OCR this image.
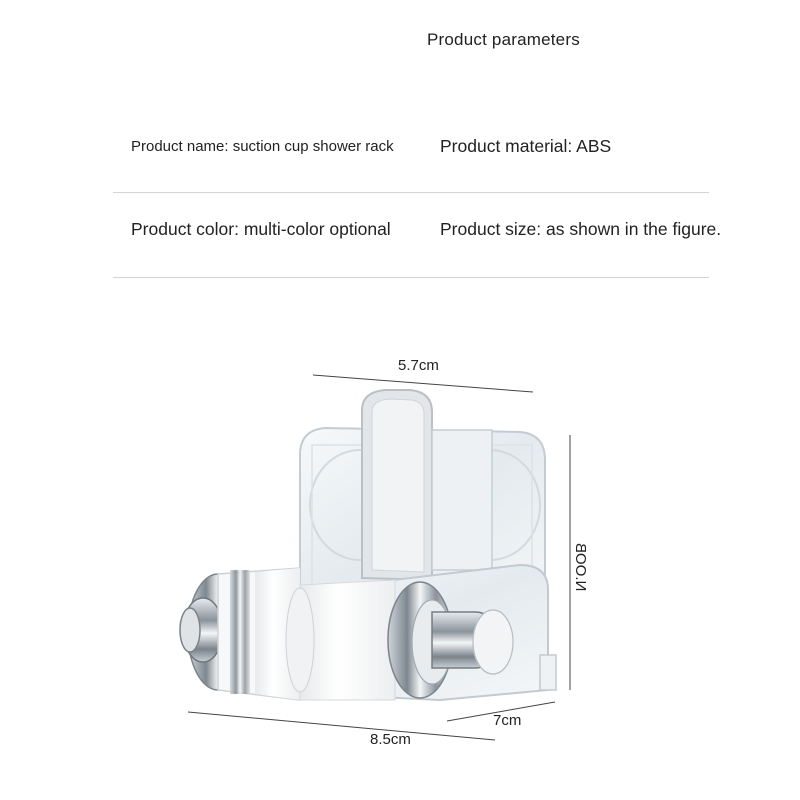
Product parameters
Product name: suction cup shower rack	Product material: ABS
Product color: multi-color optional	Product size: as shown in the figure.
5.7cm
N.OOB
7cm
8.5cm
